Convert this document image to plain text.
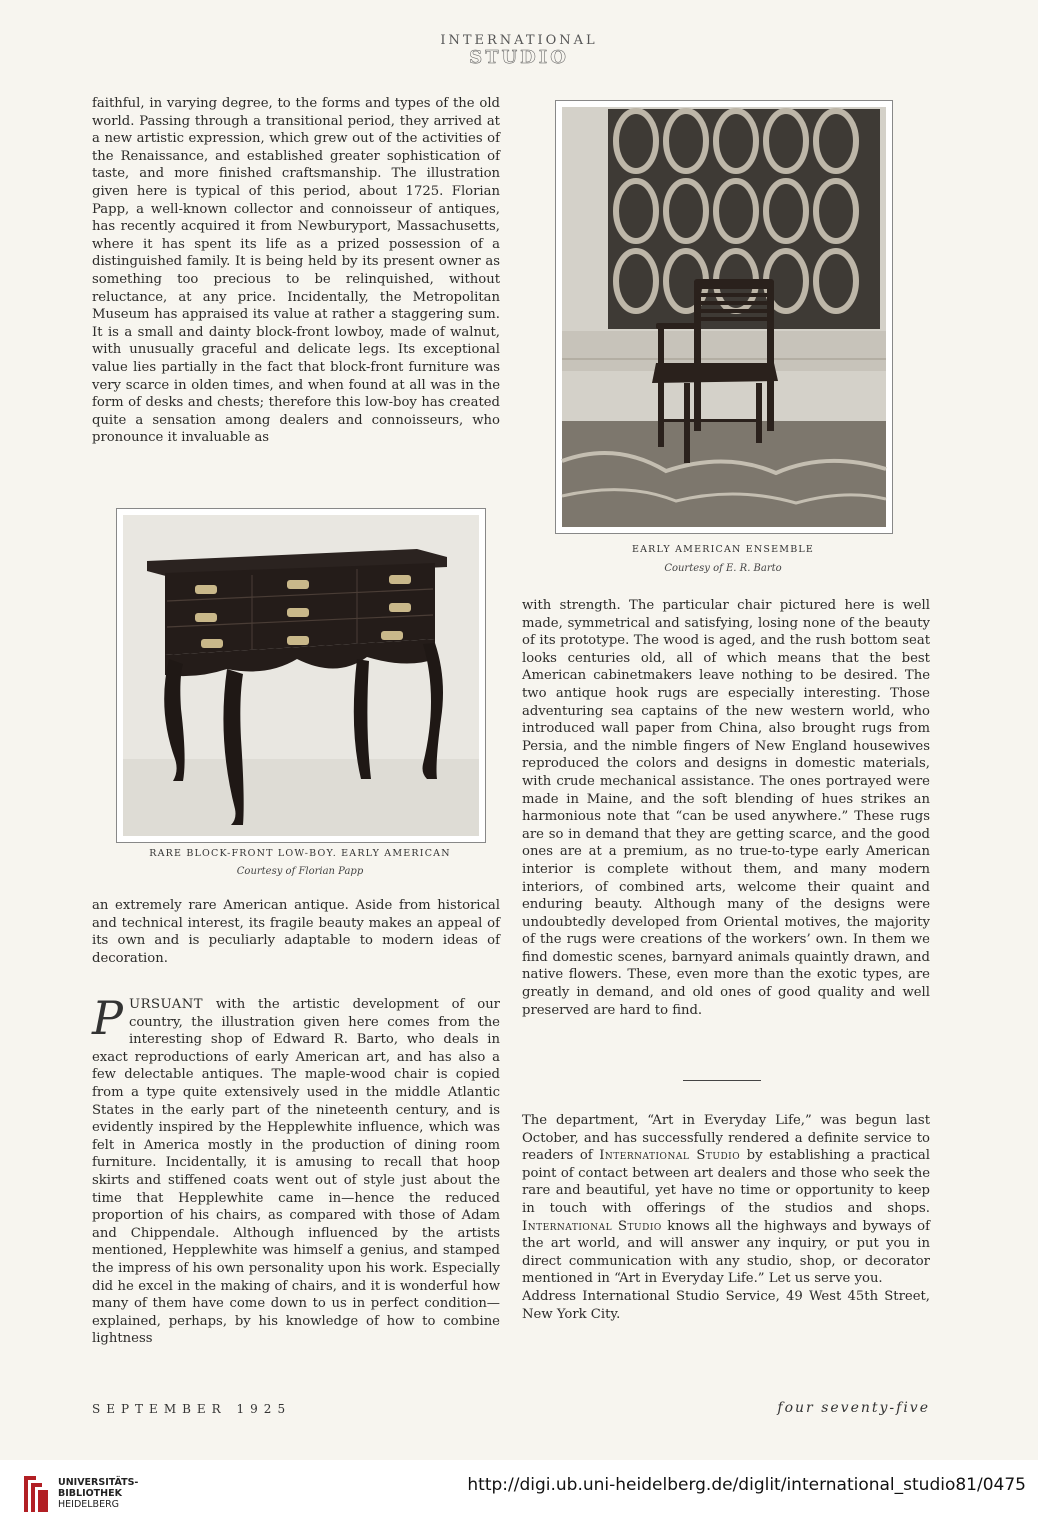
INTERNATIONAL
STUDIO

faithful, in varying degree, to the forms and types of the old world. Passing through a transitional period, they arrived at a new artistic expression, which grew out of the activities of the Renaissance, and established greater sophistication of taste, and more finished craftsmanship. The illustration given here is typical of this period, about 1725. Florian Papp, a well-known collector and connoisseur of antiques, has recently acquired it from Newburyport, Massachusetts, where it has spent its life as a prized possession of a distinguished family. It is being held by its present owner as something too precious to be relinquished, without reluctance, at any price. Incidentally, the Metropolitan Museum has appraised its value at rather a staggering sum. It is a small and dainty block-front lowboy, made of walnut, with unusually graceful and delicate legs. Its exceptional value lies partially in the fact that block-front furniture was very scarce in olden times, and when found at all was in the form of desks and chests; therefore this low-boy has created quite a sensation among dealers and connoisseurs, who pronounce it invaluable as

RARE BLOCK-FRONT LOW-BOY. EARLY AMERICAN
Courtesy of Florian Papp

an extremely rare American antique. Aside from historical and technical interest, its fragile beauty makes an appeal of its own and is peculiarly adaptable to modern ideas of decoration.

PURSUANT with the artistic development of our country, the illustration given here comes from the interesting shop of Edward R. Barto, who deals in exact reproductions of early American art, and has also a few delectable antiques. The maple-wood chair is copied from a type quite extensively used in the middle Atlantic States in the early part of the nineteenth century, and is evidently inspired by the Hepplewhite influence, which was felt in America mostly in the production of dining room furniture. Incidentally, it is amusing to recall that hoop skirts and stiffened coats went out of style just about the time that Hepplewhite came in—hence the reduced proportion of his chairs, as compared with those of Adam and Chippendale. Although influenced by the artists mentioned, Hepplewhite was himself a genius, and stamped the impress of his own personality upon his work. Especially did he excel in the making of chairs, and it is wonderful how many of them have come down to us in perfect condition—explained, perhaps, by his knowledge of how to combine lightness

EARLY AMERICAN ENSEMBLE
Courtesy of E. R. Barto

with strength. The particular chair pictured here is well made, symmetrical and satisfying, losing none of the beauty of its prototype. The wood is aged, and the rush bottom seat looks centuries old, all of which means that the best American cabinetmakers leave nothing to be desired. The two antique hook rugs are especially interesting. Those adventuring sea captains of the new western world, who introduced wall paper from China, also brought rugs from Persia, and the nimble fingers of New England housewives reproduced the colors and designs in domestic materials, with crude mechanical assistance. The ones portrayed were made in Maine, and the soft blending of hues strikes an harmonious note that “can be used anywhere.” These rugs are so in demand that they are getting scarce, and the good ones are at a premium, as no true-to-type early American interior is complete without them, and many modern interiors, of combined arts, welcome their quaint and enduring beauty. Although many of the designs were undoubtedly developed from Oriental motives, the majority of the rugs were creations of the workers’ own. In them we find domestic scenes, barnyard animals quaintly drawn, and native flowers. These, even more than the exotic types, are greatly in demand, and old ones of good quality and well preserved are hard to find.

The department, “Art in Everyday Life,” was begun last October, and has successfully rendered a definite service to readers of International Studio by establishing a practical point of contact between art dealers and those who seek the rare and beautiful, yet have no time or opportunity to keep in touch with offerings of the studios and shops. International Studio knows all the highways and byways of the art world, and will answer any inquiry, or put you in direct communication with any studio, shop, or decorator mentioned in “Art in Everyday Life.” Let us serve you.

Address International Studio Service, 49 West 45th Street, New York City.

SEPTEMBER 1925	four seventy-five
UNIVERSITÄTS-
BIBLIOTHEK
HEIDELBERG
http://digi.ub.uni-heidelberg.de/diglit/international_studio81/0475
